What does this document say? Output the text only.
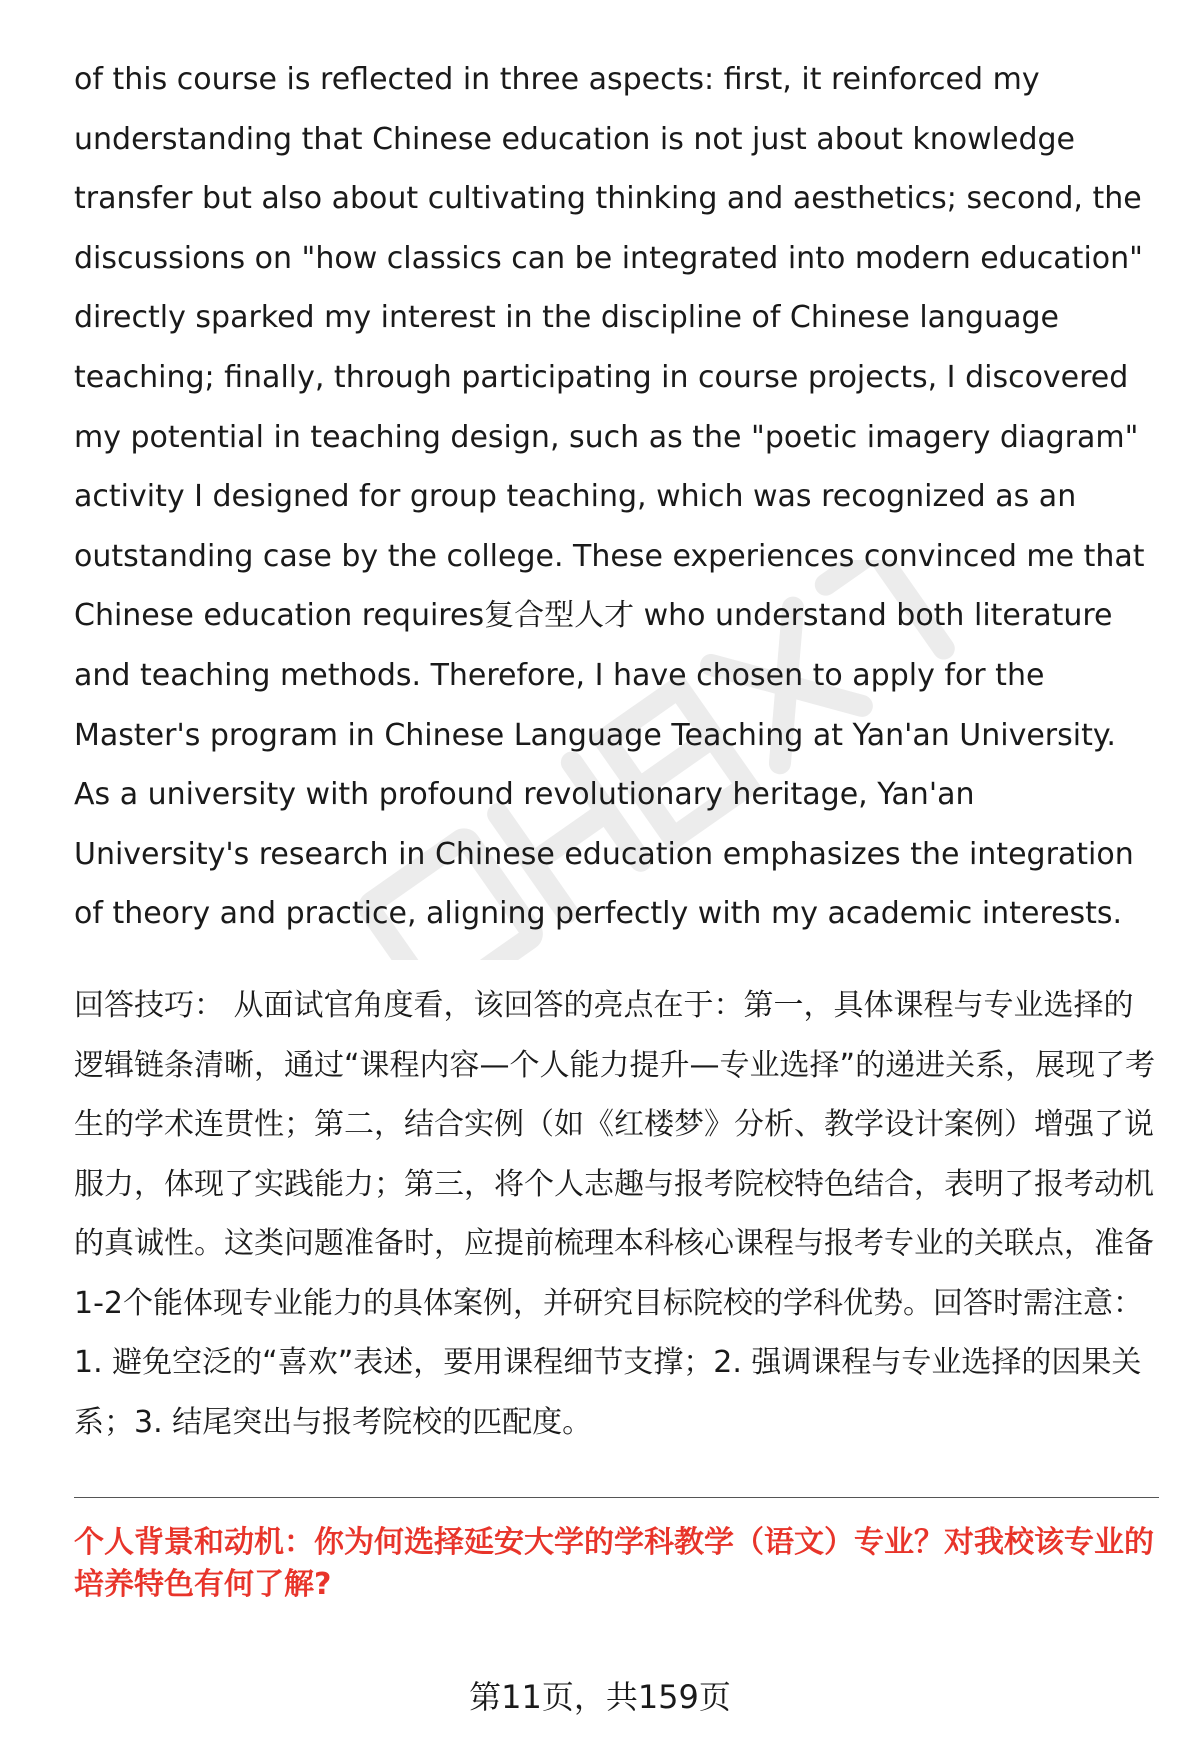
of this course is reflected in three aspects: first, it reinforced my understanding that Chinese education is not just about knowledge transfer but also about cultivating thinking and aesthetics; second, the discussions on "how classics can be integrated into modern education" directly sparked my interest in the discipline of Chinese language teaching; finally, through participating in course projects, I discovered my potential in teaching design, such as the "poetic imagery diagram" activity I designed for group teaching, which was recognized as an outstanding case by the college. These experiences convinced me that Chinese education requires复合型人才 who understand both literature and teaching methods. Therefore, I have chosen to apply for the Master's program in Chinese Language Teaching at Yan'an University. As a university with profound revolutionary heritage, Yan'an University's research in Chinese education emphasizes the integration of theory and practice, aligning perfectly with my academic interests.

回答技巧： 从面试官角度看，该回答的亮点在于：第一，具体课程与专业选择的逻辑链条清晰，通过“课程内容—个人能力提升—专业选择”的递进关系，展现了考生的学术连贯性；第二，结合实例（如《红楼梦》分析、教学设计案例）增强了说服力，体现了实践能力；第三，将个人志趣与报考院校特色结合，表明了报考动机的真诚性。这类问题准备时，应提前梳理本科核心课程与报考专业的关联点，准备1-2个能体现专业能力的具体案例，并研究目标院校的学科优势。回答时需注意：1. 避免空泛的“喜欢”表述，要用课程细节支撑；2. 强调课程与专业选择的因果关系；3. 结尾突出与报考院校的匹配度。

个人背景和动机：你为何选择延安大学的学科教学（语文）专业？对我校该专业的培养特色有何了解?
第11页，共159页
